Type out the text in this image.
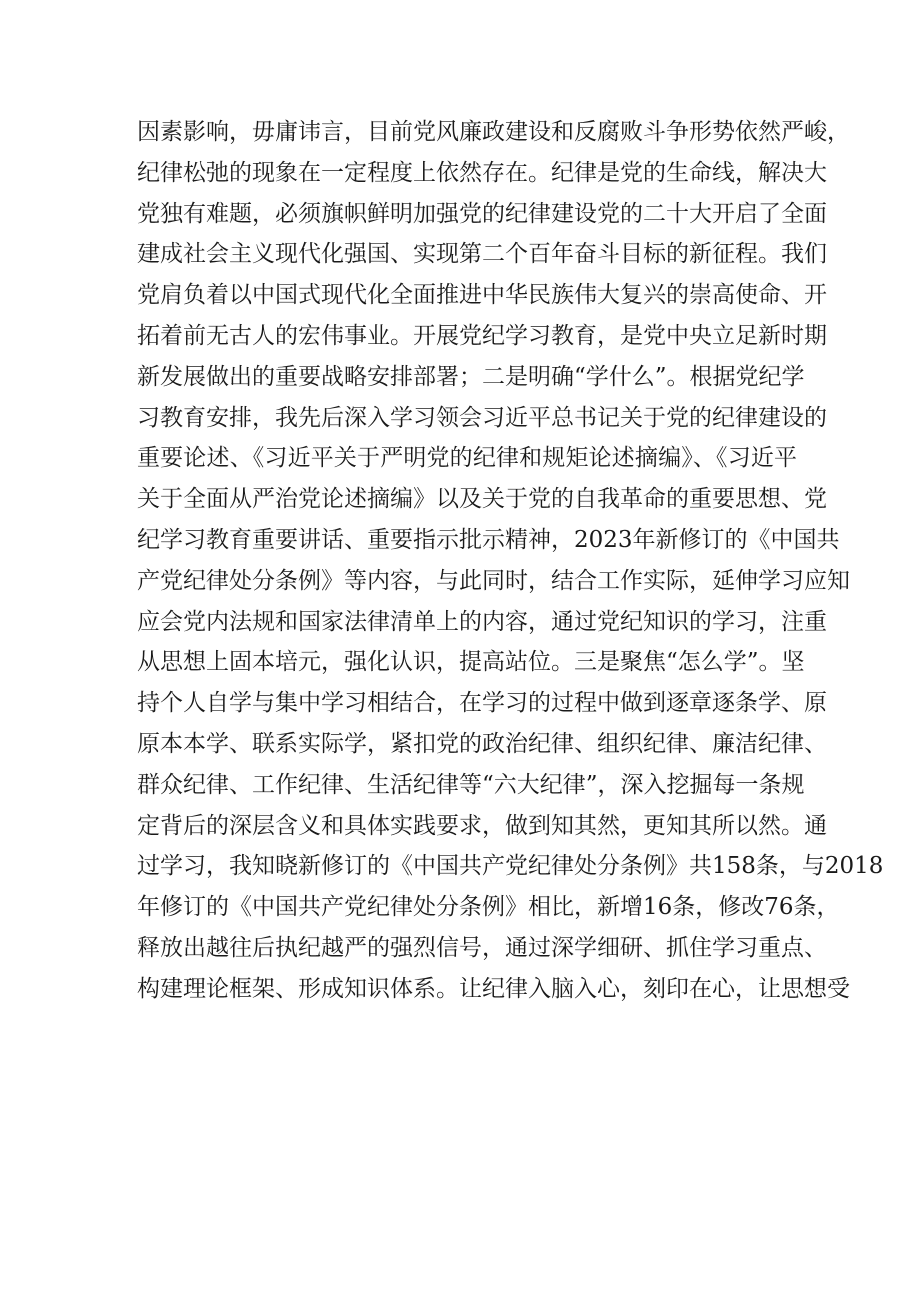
因素影响，毋庸讳言，目前党风廉政建设和反腐败斗争形势依然严峻，
纪律松弛的现象在一定程度上依然存在。纪律是党的生命线，解决大
党独有难题，必须旗帜鲜明加强党的纪律建设党的二十大开启了全面
建成社会主义现代化强国、实现第二个百年奋斗目标的新征程。我们
党肩负着以中国式现代化全面推进中华民族伟大复兴的崇高使命、开
拓着前无古人的宏伟事业。开展党纪学习教育，是党中央立足新时期
新发展做出的重要战略安排部署；二是明确“学什么”。根据党纪学
习教育安排，我先后深入学习领会习近平总书记关于党的纪律建设的
重要论述、《习近平关于严明党的纪律和规矩论述摘编》、《习近平
关于全面从严治党论述摘编》以及关于党的自我革命的重要思想、党
纪学习教育重要讲话、重要指示批示精神，2023年新修订的《中国共
产党纪律处分条例》等内容，与此同时，结合工作实际，延伸学习应知
应会党内法规和国家法律清单上的内容，通过党纪知识的学习，注重
从思想上固本培元，强化认识，提高站位。三是聚焦“怎么学”。坚
持个人自学与集中学习相结合，在学习的过程中做到逐章逐条学、原
原本本学、联系实际学，紧扣党的政治纪律、组织纪律、廉洁纪律、
群众纪律、工作纪律、生活纪律等“六大纪律”，深入挖掘每一条规
定背后的深层含义和具体实践要求，做到知其然，更知其所以然。通
过学习，我知晓新修订的《中国共产党纪律处分条例》共158条，与2018
年修订的《中国共产党纪律处分条例》相比，新增16条，修改76条，
释放出越往后执纪越严的强烈信号，通过深学细研、抓住学习重点、
构建理论框架、形成知识体系。让纪律入脑入心，刻印在心，让思想受
